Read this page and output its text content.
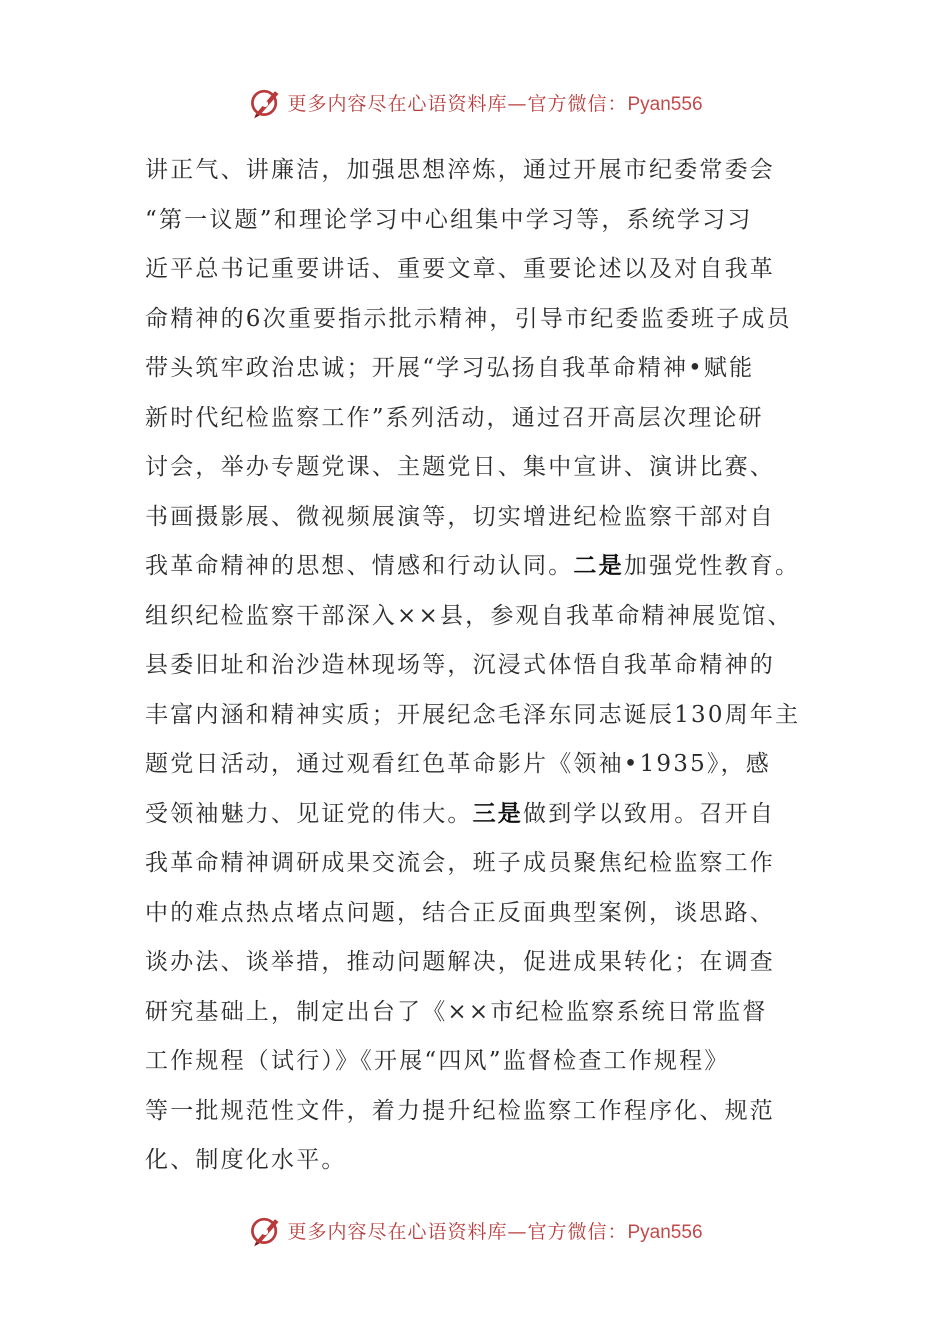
更多内容尽在心语资料库—官方微信：Pyan556
讲正气、讲廉洁，加强思想淬炼，通过开展市纪委常委会
“第一议题”和理论学习中心组集中学习等，系统学习习
近平总书记重要讲话、重要文章、重要论述以及对自我革
命精神的6次重要指示批示精神，引导市纪委监委班子成员
带头筑牢政治忠诚；开展“学习弘扬自我革命精神•赋能
新时代纪检监察工作”系列活动，通过召开高层次理论研
讨会，举办专题党课、主题党日、集中宣讲、演讲比赛、
书画摄影展、微视频展演等，切实增进纪检监察干部对自
我革命精神的思想、情感和行动认同。二是加强党性教育。
组织纪检监察干部深入××县，参观自我革命精神展览馆、
县委旧址和治沙造林现场等，沉浸式体悟自我革命精神的
丰富内涵和精神实质；开展纪念毛泽东同志诞辰130周年主
题党日活动，通过观看红色革命影片《领袖•1935》，感
受领袖魅力、见证党的伟大。三是做到学以致用。召开自
我革命精神调研成果交流会，班子成员聚焦纪检监察工作
中的难点热点堵点问题，结合正反面典型案例，谈思路、
谈办法、谈举措，推动问题解决，促进成果转化；在调查
研究基础上，制定出台了《××市纪检监察系统日常监督
工作规程（试行）》《开展“四风”监督检查工作规程》
等一批规范性文件，着力提升纪检监察工作程序化、规范
化、制度化水平。
更多内容尽在心语资料库—官方微信：Pyan556
